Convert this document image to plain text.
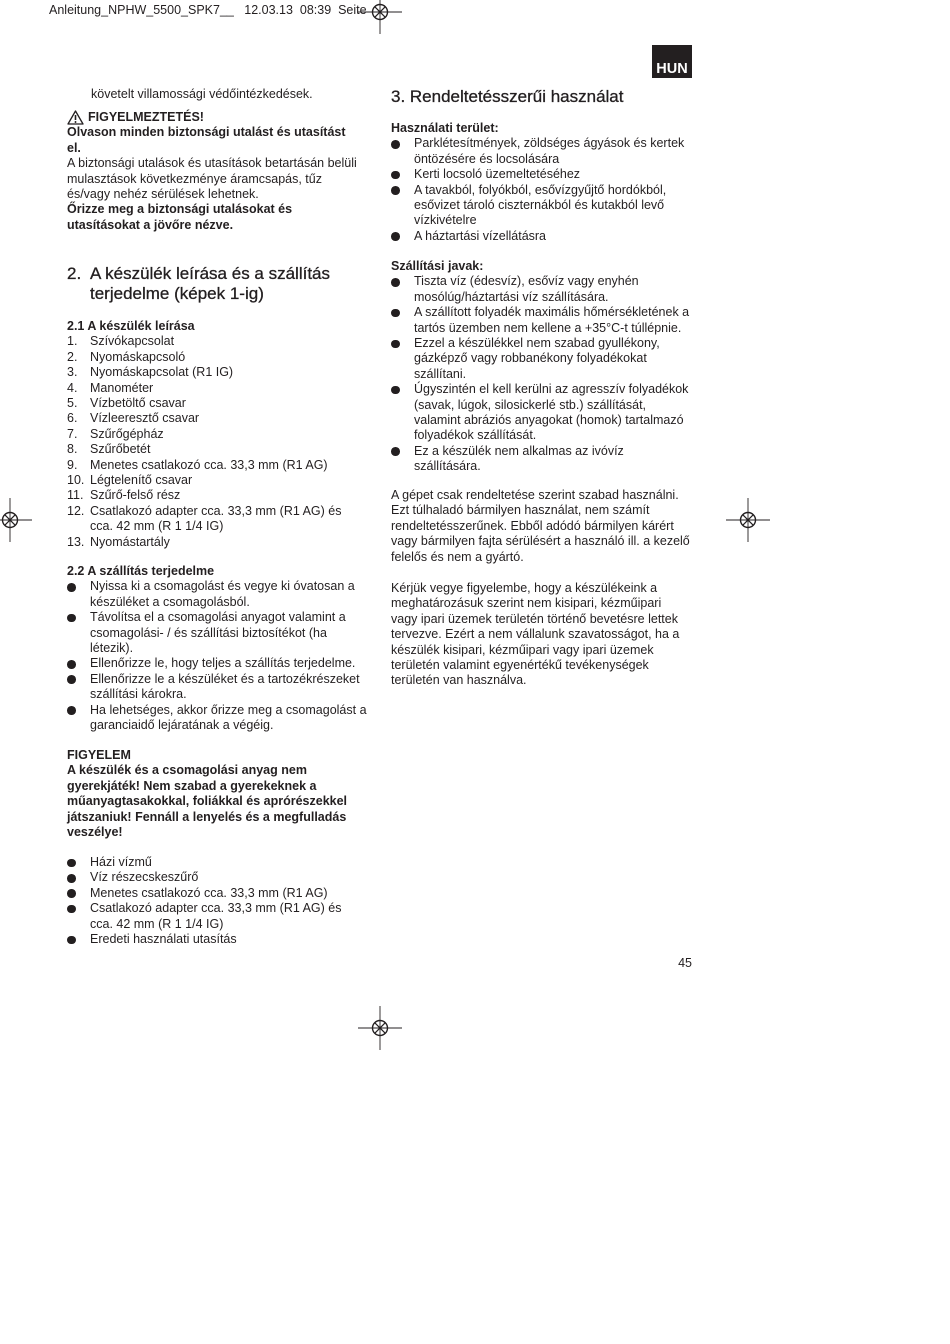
Anleitung_NPHW_5500_SPK7__   12.03.13  08:39  Seite
HUN
követelt villamossági védőintézkedések.
FIGYELMEZTETÉS!
Olvason minden biztonsági utalást és utasítást
el.
A biztonsági utalások és utasítások betartásán belüli
mulasztások következménye áramcsapás, tűz
és/vagy nehéz sérülések lehetnek.
Őrizze meg a biztonsági utalásokat és
utasításokat a jövőre nézve.
2. A készülék leírása és a szállítás
terjedelme (képek 1-ig)
2.1 A készülék leírása
1.	Szívókapcsolat
2.	Nyomáskapcsoló
3.	Nyomáskapcsolat (R1 IG)
4.	Manométer
5.	Vízbetöltő csavar
6.	Vízleeresztő csavar
7.	Szűrőgépház
8.	Szűrőbetét
9.	Menetes csatlakozó cca. 33,3 mm (R1 AG)
10. Légtelenítő csavar
11. Szűrő-felső rész
12. Csatlakozó adapter cca. 33,3 mm (R1 AG) és
cca. 42 mm (R 1 1/4 IG)
13. Nyomástartály
2.2 A szállítás terjedelme
Nyissa ki a csomagolást és vegye ki óvatosan a
készüléket a csomagolásból.
Távolítsa el a csomagolási anyagot valamint a
csomagolási- / és szállítási biztosítékot (ha
létezik).
Ellenőrizze le, hogy teljes a szállítás terjedelme.
Ellenőrizze le a készüléket és a tartozékrészeket
szállítási károkra.
Ha lehetséges, akkor őrizze meg a csomagolást a
garanciaidő lejáratának a végéig.
FIGYELEM
A készülék és a csomagolási anyag nem
gyerekjáték! Nem szabad a gyerekeknek a
műanyagtasakokkal, foliákkal és aprórészekkel
játszaniuk! Fennáll a lenyelés és a megfulladás
veszélye!
Házi vízmű
Víz részecskeszűrő
Menetes csatlakozó cca. 33,3 mm (R1 AG)
Csatlakozó adapter cca. 33,3 mm (R1 AG) és
cca. 42 mm (R 1 1/4 IG)
Eredeti használati utasítás
3. Rendeltetésszerűi használat
Használati terület:
Parklétesítmények, zöldséges ágyások és kertek
öntözésére és locsolására
Kerti locsoló üzemeltetéséhez
A tavakból, folyókból, esővízgyűjtő hordókból,
esővizet tároló ciszternákból és kutakból levő
vízkivételre
A háztartási vízellátásra
Szállítási javak:
Tiszta víz (édesvíz), esővíz vagy enyhén
mosólúg/háztartási víz szállítására.
A szállított folyadék maximális hőmérsékletének a
tartós üzemben nem kellene a +35°C-t túllépnie.
Ezzel a készülékkel nem szabad gyullékony,
gázképző vagy robbanékony folyadékokat
szállítani.
Úgyszintén el kell kerülni az agresszív folyadékok
(savak, lúgok, silosickerlé stb.) szállítását,
valamint abráziós anyagokat (homok) tartalmazó
folyadékok szállítását.
Ez a készülék nem alkalmas az ivóvíz
szállítására.
A gépet csak rendeltetése szerint szabad használni.
Ezt túlhaladó bármilyen használat, nem számít
rendeltetésszerűnek. Ebből adódó bármilyen kárért
vagy bármilyen fajta sérülésért a használó ill. a kezelő
felelős és nem a gyártó.
Kérjük vegye figyelembe, hogy a készülékeink a
meghatározásuk szerint nem kisipari, kézműipari
vagy ipari üzemek területén történő bevetésre lettek
tervezve. Ezért a nem vállalunk szavatosságot, ha a
készülék kisipari, kézműipari vagy ipari üzemek
területén valamint egyenértékű tevékenységek
területén van használva.
45
